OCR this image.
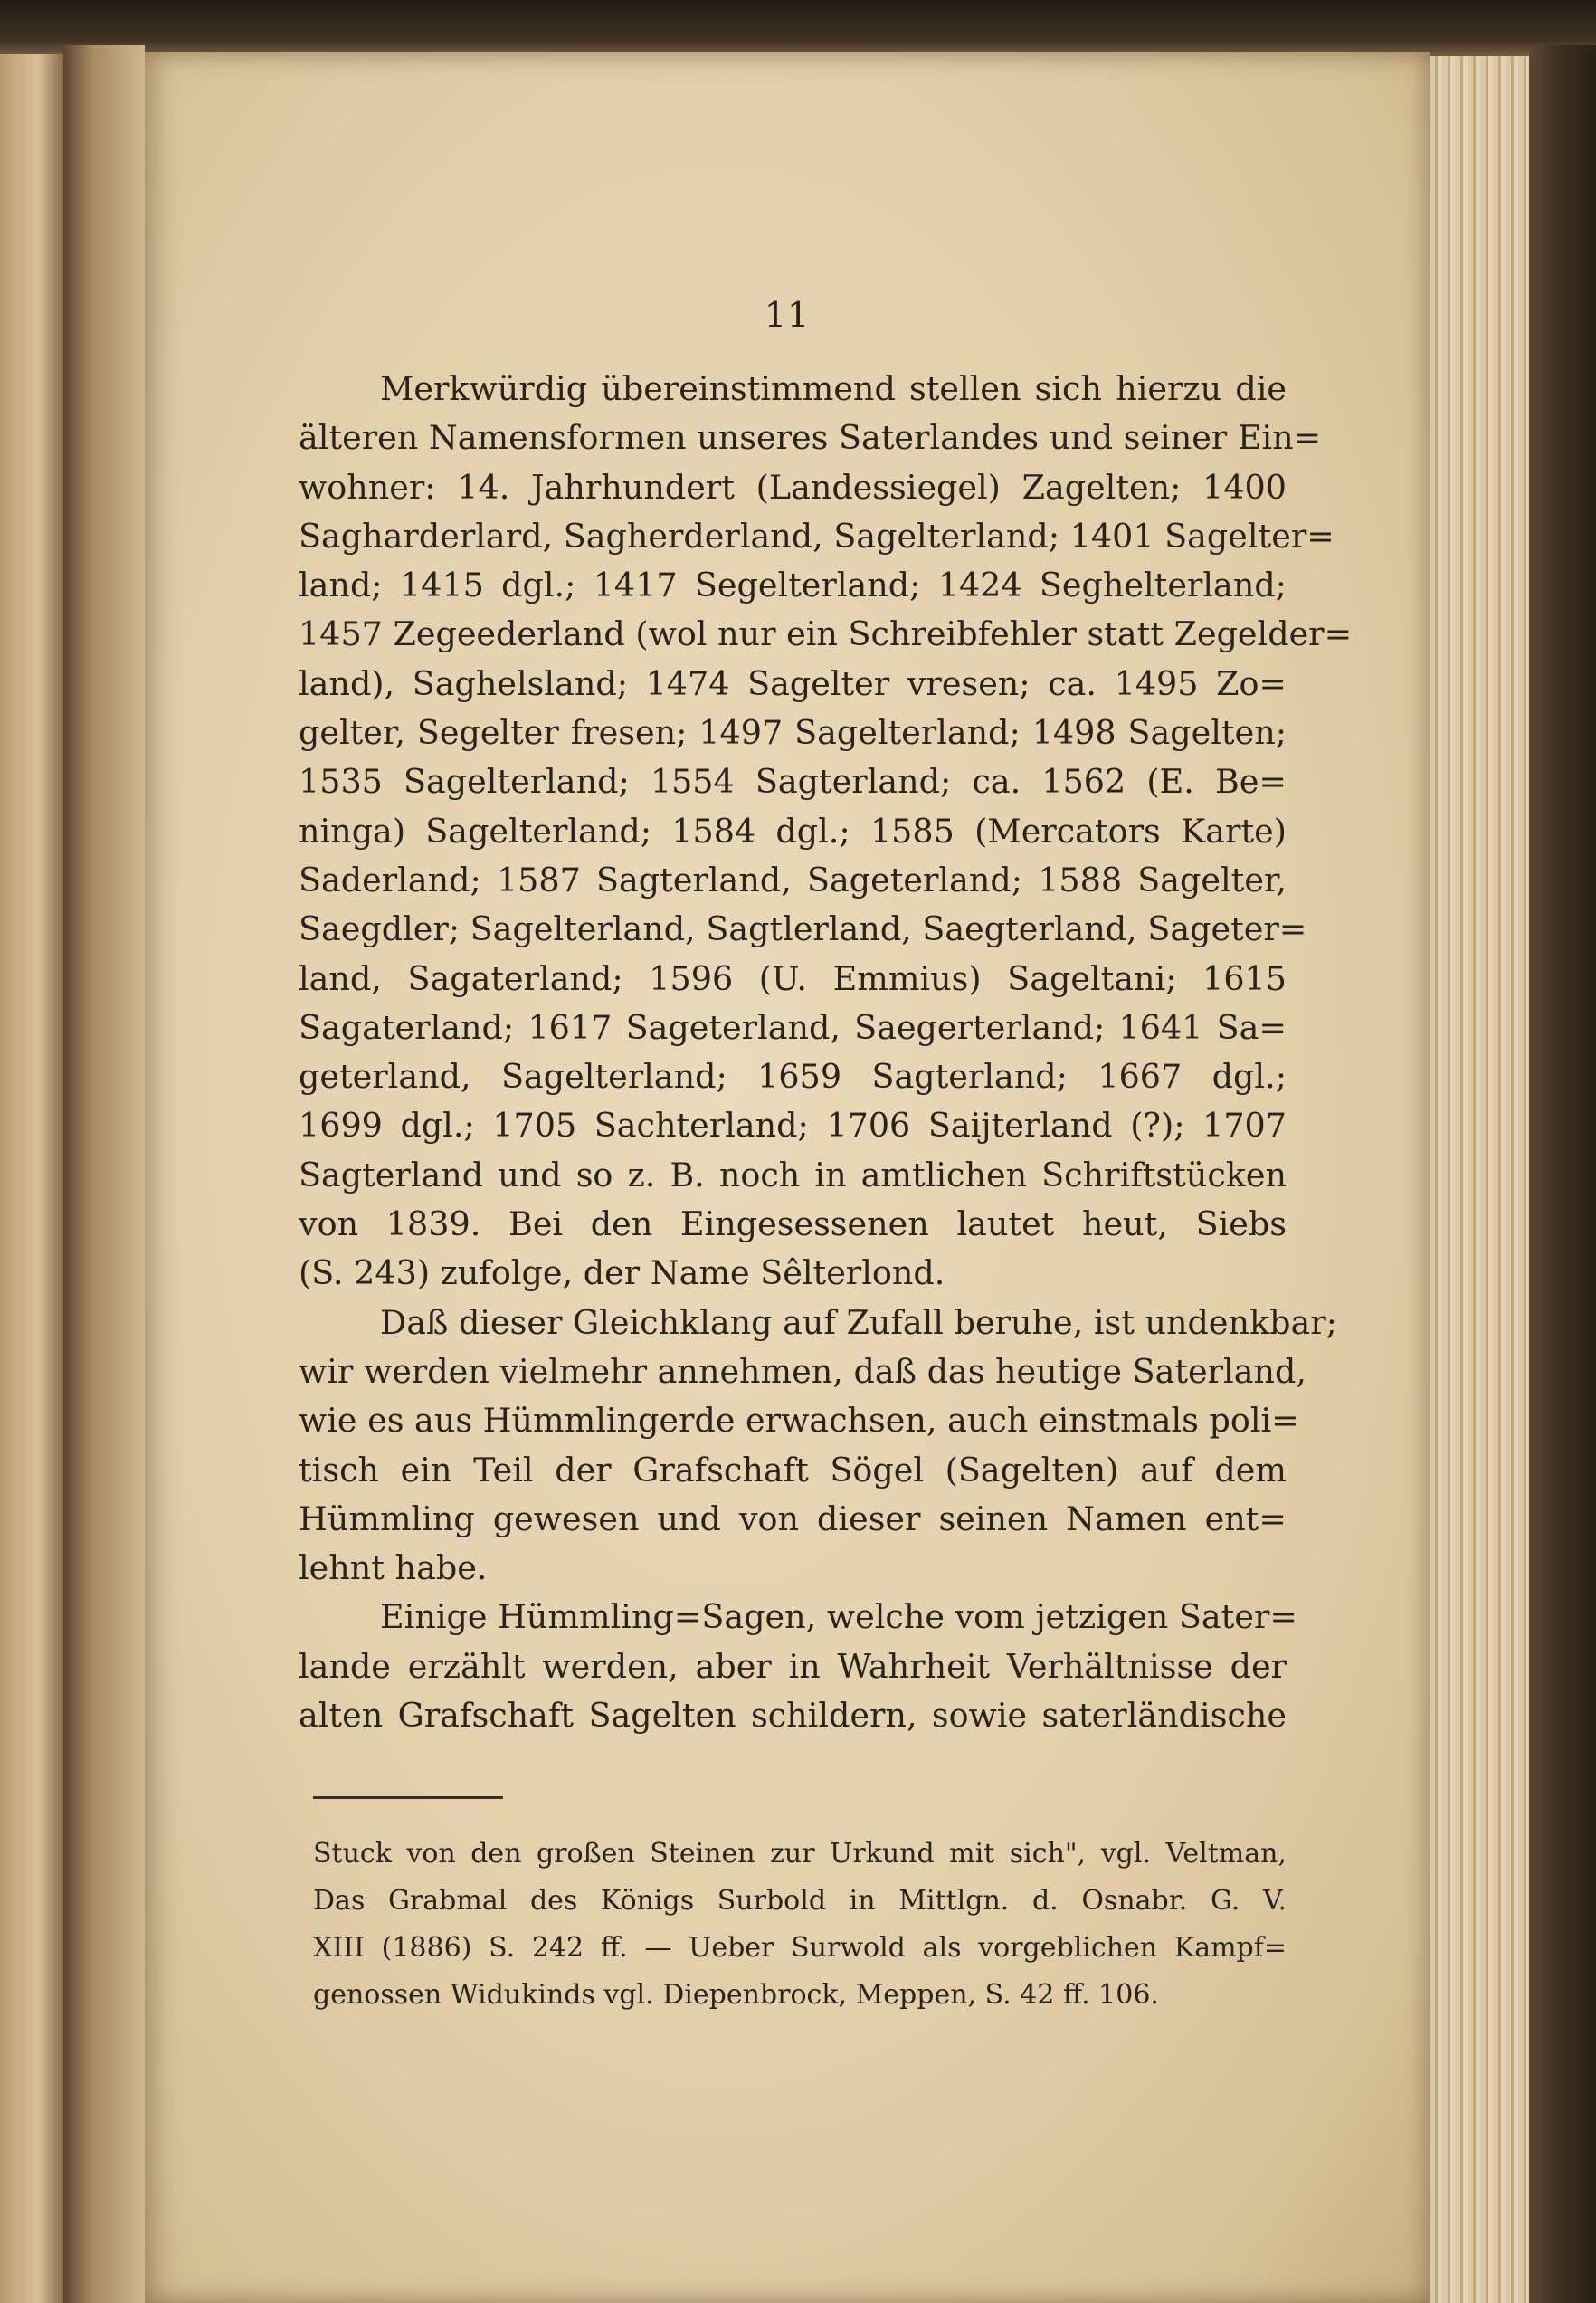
11
Merkwürdig übereinstimmend stellen sich hierzu die
älteren Namensformen unseres Saterlandes und seiner Ein=
wohner: 14. Jahrhundert (Landessiegel) Zagelten; 1400
Sagharderlard, Sagherderland, Sagelterland; 1401 Sagelter=
land; 1415 dgl.; 1417 Segelterland; 1424 Seghelterland;
1457 Zegeederland (wol nur ein Schreibfehler statt Zegelder=
land), Saghelsland; 1474 Sagelter vresen; ca. 1495 Zo=
gelter, Segelter fresen; 1497 Sagelterland; 1498 Sagelten;
1535 Sagelterland; 1554 Sagterland; ca. 1562 (E. Be=
ninga) Sagelterland; 1584 dgl.; 1585 (Mercators Karte)
Saderland; 1587 Sagterland, Sageterland; 1588 Sagelter,
Saegdler; Sagelterland, Sagtlerland, Saegterland, Sageter=
land, Sagaterland; 1596 (U. Emmius) Sageltani; 1615
Sagaterland; 1617 Sageterland, Saegerterland; 1641 Sa=
geterland, Sagelterland; 1659 Sagterland; 1667 dgl.;
1699 dgl.; 1705 Sachterland; 1706 Saijterland (?); 1707
Sagterland und so z. B. noch in amtlichen Schriftstücken
von 1839. Bei den Eingesessenen lautet heut, Siebs
(S. 243) zufolge, der Name Sêlterlond.
Daß dieser Gleichklang auf Zufall beruhe, ist undenkbar;
wir werden vielmehr annehmen, daß das heutige Saterland,
wie es aus Hümmlingerde erwachsen, auch einstmals poli=
tisch ein Teil der Grafschaft Sögel (Sagelten) auf dem
Hümmling gewesen und von dieser seinen Namen ent=
lehnt habe.
Einige Hümmling=Sagen, welche vom jetzigen Sater=
lande erzählt werden, aber in Wahrheit Verhältnisse der
alten Grafschaft Sagelten schildern, sowie saterländische
Stuck von den großen Steinen zur Urkund mit sich", vgl. Veltman,
Das Grabmal des Königs Surbold in Mittlgn. d. Osnabr. G. V.
XIII (1886) S. 242 ff. — Ueber Surwold als vorgeblichen Kampf=
genossen Widukinds vgl. Diepenbrock, Meppen, S. 42 ff. 106.
